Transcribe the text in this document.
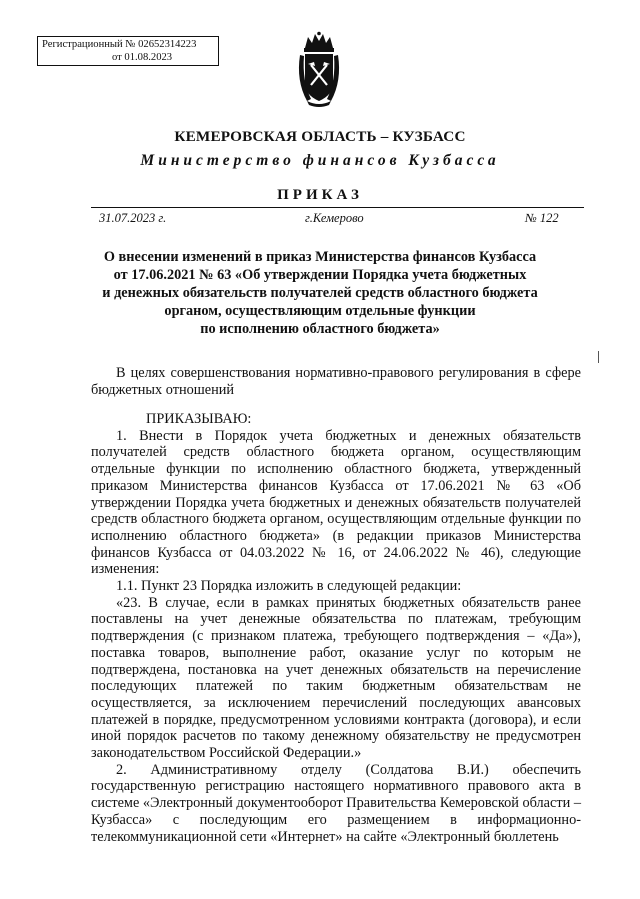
Регистрационный № 02652314223
от 01.08.2023
КЕМЕРОВСКАЯ ОБЛАСТЬ – КУЗБАСС
Министерство финансов Кузбасса
ПРИКАЗ
31.07.2023 г.	г.Кемерово	№ 122
О внесении изменений в приказ Министерства финансов Кузбасса
от 17.06.2021 № 63 «Об утверждении Порядка учета бюджетных
и денежных обязательств получателей средств областного бюджета
органом, осуществляющим отдельные функции
по исполнению областного бюджета»

В целях совершенствования нормативно-правового регулирования в сфере бюджетных отношений

ПРИКАЗЫВАЮ:

1. Внести в Порядок учета бюджетных и денежных обязательств получателей средств областного бюджета органом, осуществляющим отдельные функции по исполнению областного бюджета, утвержденный приказом Министерства финансов Кузбасса от 17.06.2021 № 63 «Об утверждении Порядка учета бюджетных и денежных обязательств получателей средств областного бюджета органом, осуществляющим отдельные функции по исполнению областного бюджета» (в редакции приказов Министерства финансов Кузбасса от 04.03.2022 № 16, от 24.06.2022 № 46), следующие изменения:

1.1. Пункт 23 Порядка изложить в следующей редакции:

«23. В случае, если в рамках принятых бюджетных обязательств ранее поставлены на учет денежные обязательства по платежам, требующим подтверждения (с признаком платежа, требующего подтверждения – «Да»), поставка товаров, выполнение работ, оказание услуг по которым не подтверждена, постановка на учет денежных обязательств на перечисление последующих платежей по таким бюджетным обязательствам не осуществляется, за исключением перечислений последующих авансовых платежей в порядке, предусмотренном условиями контракта (договора), и если иной порядок расчетов по такому денежному обязательству не предусмотрен законодательством Российской Федерации.»

2. Административному отделу (Солдатова В.И.) обеспечить государственную регистрацию настоящего нормативного правового акта в системе «Электронный документооборот Правительства Кемеровской области – Кузбасса» с последующим его размещением в информационно-телекоммуникационной сети «Интернет» на сайте «Электронный бюллетень
